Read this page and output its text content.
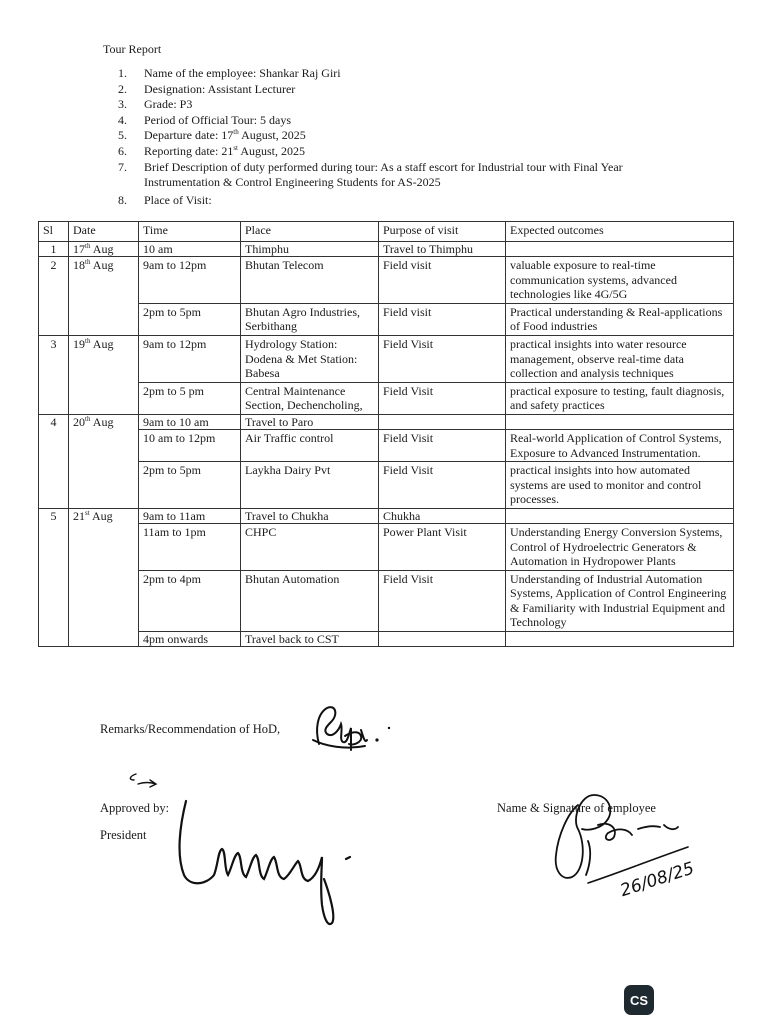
Tour Report
1.	Name of the employee: Shankar Raj Giri
2.	Designation: Assistant Lecturer
3.	Grade: P3
4.	Period of Official Tour: 5 days
5.	Departure date: 17th August, 2025
6.	Reporting date: 21st August, 2025
7.	Brief Description of duty performed during tour: As a staff escort for Industrial tour with Final Year Instrumentation & Control Engineering Students for AS-2025
8.	Place of Visit:
Sl	Date	Time	Place	Purpose of visit	Expected outcomes
1	17th Aug	10 am	Thimphu	Travel to Thimphu	
2	18th Aug	9am to 12pm	Bhutan Telecom	Field visit	valuable exposure to real-time communication systems, advanced technologies like 4G/5G
		2pm to 5pm	Bhutan Agro Industries, Serbithang	Field visit	Practical understanding & Real-applications of Food industries
3	19th Aug	9am to 12pm	Hydrology Station: Dodena & Met Station: Babesa	Field Visit	practical insights into water resource management, observe real-time data collection and analysis techniques
		2pm to 5 pm	Central Maintenance Section, Dechencholing,	Field Visit	practical exposure to testing, fault diagnosis, and safety practices
4	20th Aug	9am to 10 am	Travel to Paro		
		10 am to 12pm	Air Traffic control	Field Visit	Real-world Application of Control Systems, Exposure to Advanced Instrumentation.
		2pm to 5pm	Laykha Dairy Pvt	Field Visit	practical insights into how automated systems are used to monitor and control processes.
5	21st Aug	9am to 11am	Travel to Chukha	Chukha	
		11am to 1pm	CHPC	Power Plant Visit	Understanding Energy Conversion Systems, Control of Hydroelectric Generators & Automation in Hydropower Plants
		2pm to 4pm	Bhutan Automation	Field Visit	Understanding of Industrial Automation Systems, Application of Control Engineering & Familiarity with Industrial Equipment and Technology
		4pm onwards	Travel back to CST		
Remarks/Recommendation of HoD,
Approved by:
President
Name & Signature of employee
26/08/25
CS
